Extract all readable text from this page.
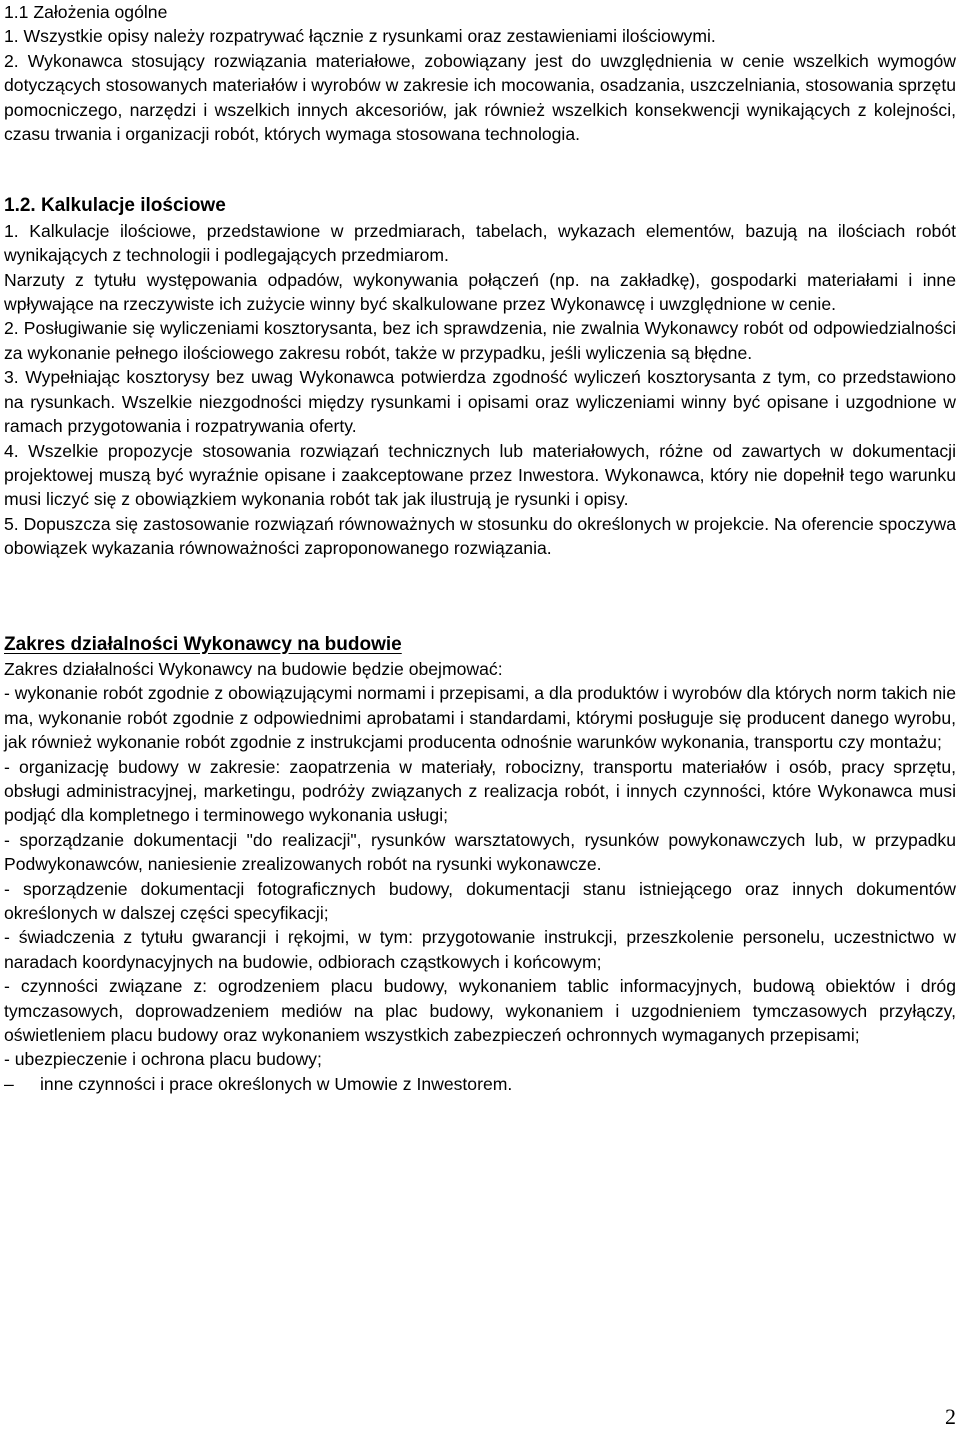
1.1 Założenia ogólne

1. Wszystkie opisy należy rozpatrywać łącznie z rysunkami oraz zestawieniami ilościowymi.

2. Wykonawca stosujący rozwiązania materiałowe, zobowiązany jest do uwzględnienia w cenie wszelkich wymogów dotyczących stosowanych materiałów i wyrobów w zakresie ich mocowania, osadzania, uszczelniania, stosowania sprzętu pomocniczego, narzędzi i wszelkich innych akcesoriów, jak również wszelkich konsekwencji wynikających z kolejności, czasu trwania i organizacji robót, których wymaga stosowana technologia.

1.2. Kalkulacje ilościowe

1. Kalkulacje ilościowe, przedstawione w przedmiarach, tabelach, wykazach elementów, bazują na ilościach robót wynikających z technologii i podlegających przedmiarom.

Narzuty z tytułu występowania odpadów, wykonywania połączeń (np. na zakładkę), gospodarki materiałami i inne wpływające na rzeczywiste ich zużycie winny być skalkulowane przez Wykonawcę i uwzględnione w cenie.

2. Posługiwanie się wyliczeniami kosztorysanta, bez ich sprawdzenia, nie zwalnia Wykonawcy robót od odpowiedzialności za wykonanie pełnego ilościowego zakresu robót, także w przypadku, jeśli wyliczenia są błędne.

3. Wypełniając kosztorysy bez uwag Wykonawca potwierdza zgodność wyliczeń kosztorysanta z tym, co przedstawiono na rysunkach. Wszelkie niezgodności między rysunkami i opisami oraz wyliczeniami winny być opisane i uzgodnione w ramach przygotowania i rozpatrywania oferty.

4. Wszelkie propozycje stosowania rozwiązań technicznych lub materiałowych, różne od zawartych w dokumentacji projektowej muszą być wyraźnie opisane i zaakceptowane przez Inwestora. Wykonawca, który nie dopełnił tego warunku musi liczyć się z obowiązkiem wykonania robót tak jak ilustrują je rysunki i opisy.

5. Dopuszcza się zastosowanie rozwiązań równoważnych w stosunku do określonych w projekcie. Na oferencie spoczywa obowiązek wykazania równoważności zaproponowanego rozwiązania.

Zakres działalności Wykonawcy na budowie

Zakres działalności Wykonawcy na budowie będzie obejmować:

- wykonanie robót zgodnie z obowiązującymi normami i przepisami, a dla produktów i wyrobów dla których norm takich nie ma, wykonanie robót zgodnie z odpowiednimi aprobatami i standardami, którymi posługuje się producent danego wyrobu, jak również wykonanie robót zgodnie z instrukcjami producenta odnośnie warunków wykonania, transportu czy montażu;

- organizację budowy w zakresie: zaopatrzenia w materiały, robocizny, transportu materiałów i osób, pracy sprzętu, obsługi administracyjnej, marketingu, podróży związanych z realizacja robót, i innych czynności, które Wykonawca musi podjąć dla kompletnego i terminowego wykonania usługi;

- sporządzanie dokumentacji "do realizacji", rysunków warsztatowych, rysunków powykonawczych lub, w przypadku Podwykonawców, naniesienie zrealizowanych robót na rysunki wykonawcze.

- sporządzenie dokumentacji fotograficznych budowy, dokumentacji stanu istniejącego oraz innych dokumentów określonych w dalszej części specyfikacji;

- świadczenia z tytułu gwarancji i rękojmi, w tym: przygotowanie instrukcji, przeszkolenie personelu, uczestnictwo w naradach koordynacyjnych na budowie, odbiorach cząstkowych i końcowym;

- czynności związane z: ogrodzeniem placu budowy, wykonaniem tablic informacyjnych, budową obiektów i dróg tymczasowych, doprowadzeniem mediów na plac budowy, wykonaniem i uzgodnieniem tymczasowych przyłączy, oświetleniem placu budowy oraz wykonaniem wszystkich zabezpieczeń ochronnych wymaganych przepisami;

- ubezpieczenie i ochrona placu budowy;

– inne czynności i prace określonych w Umowie z Inwestorem.

2
